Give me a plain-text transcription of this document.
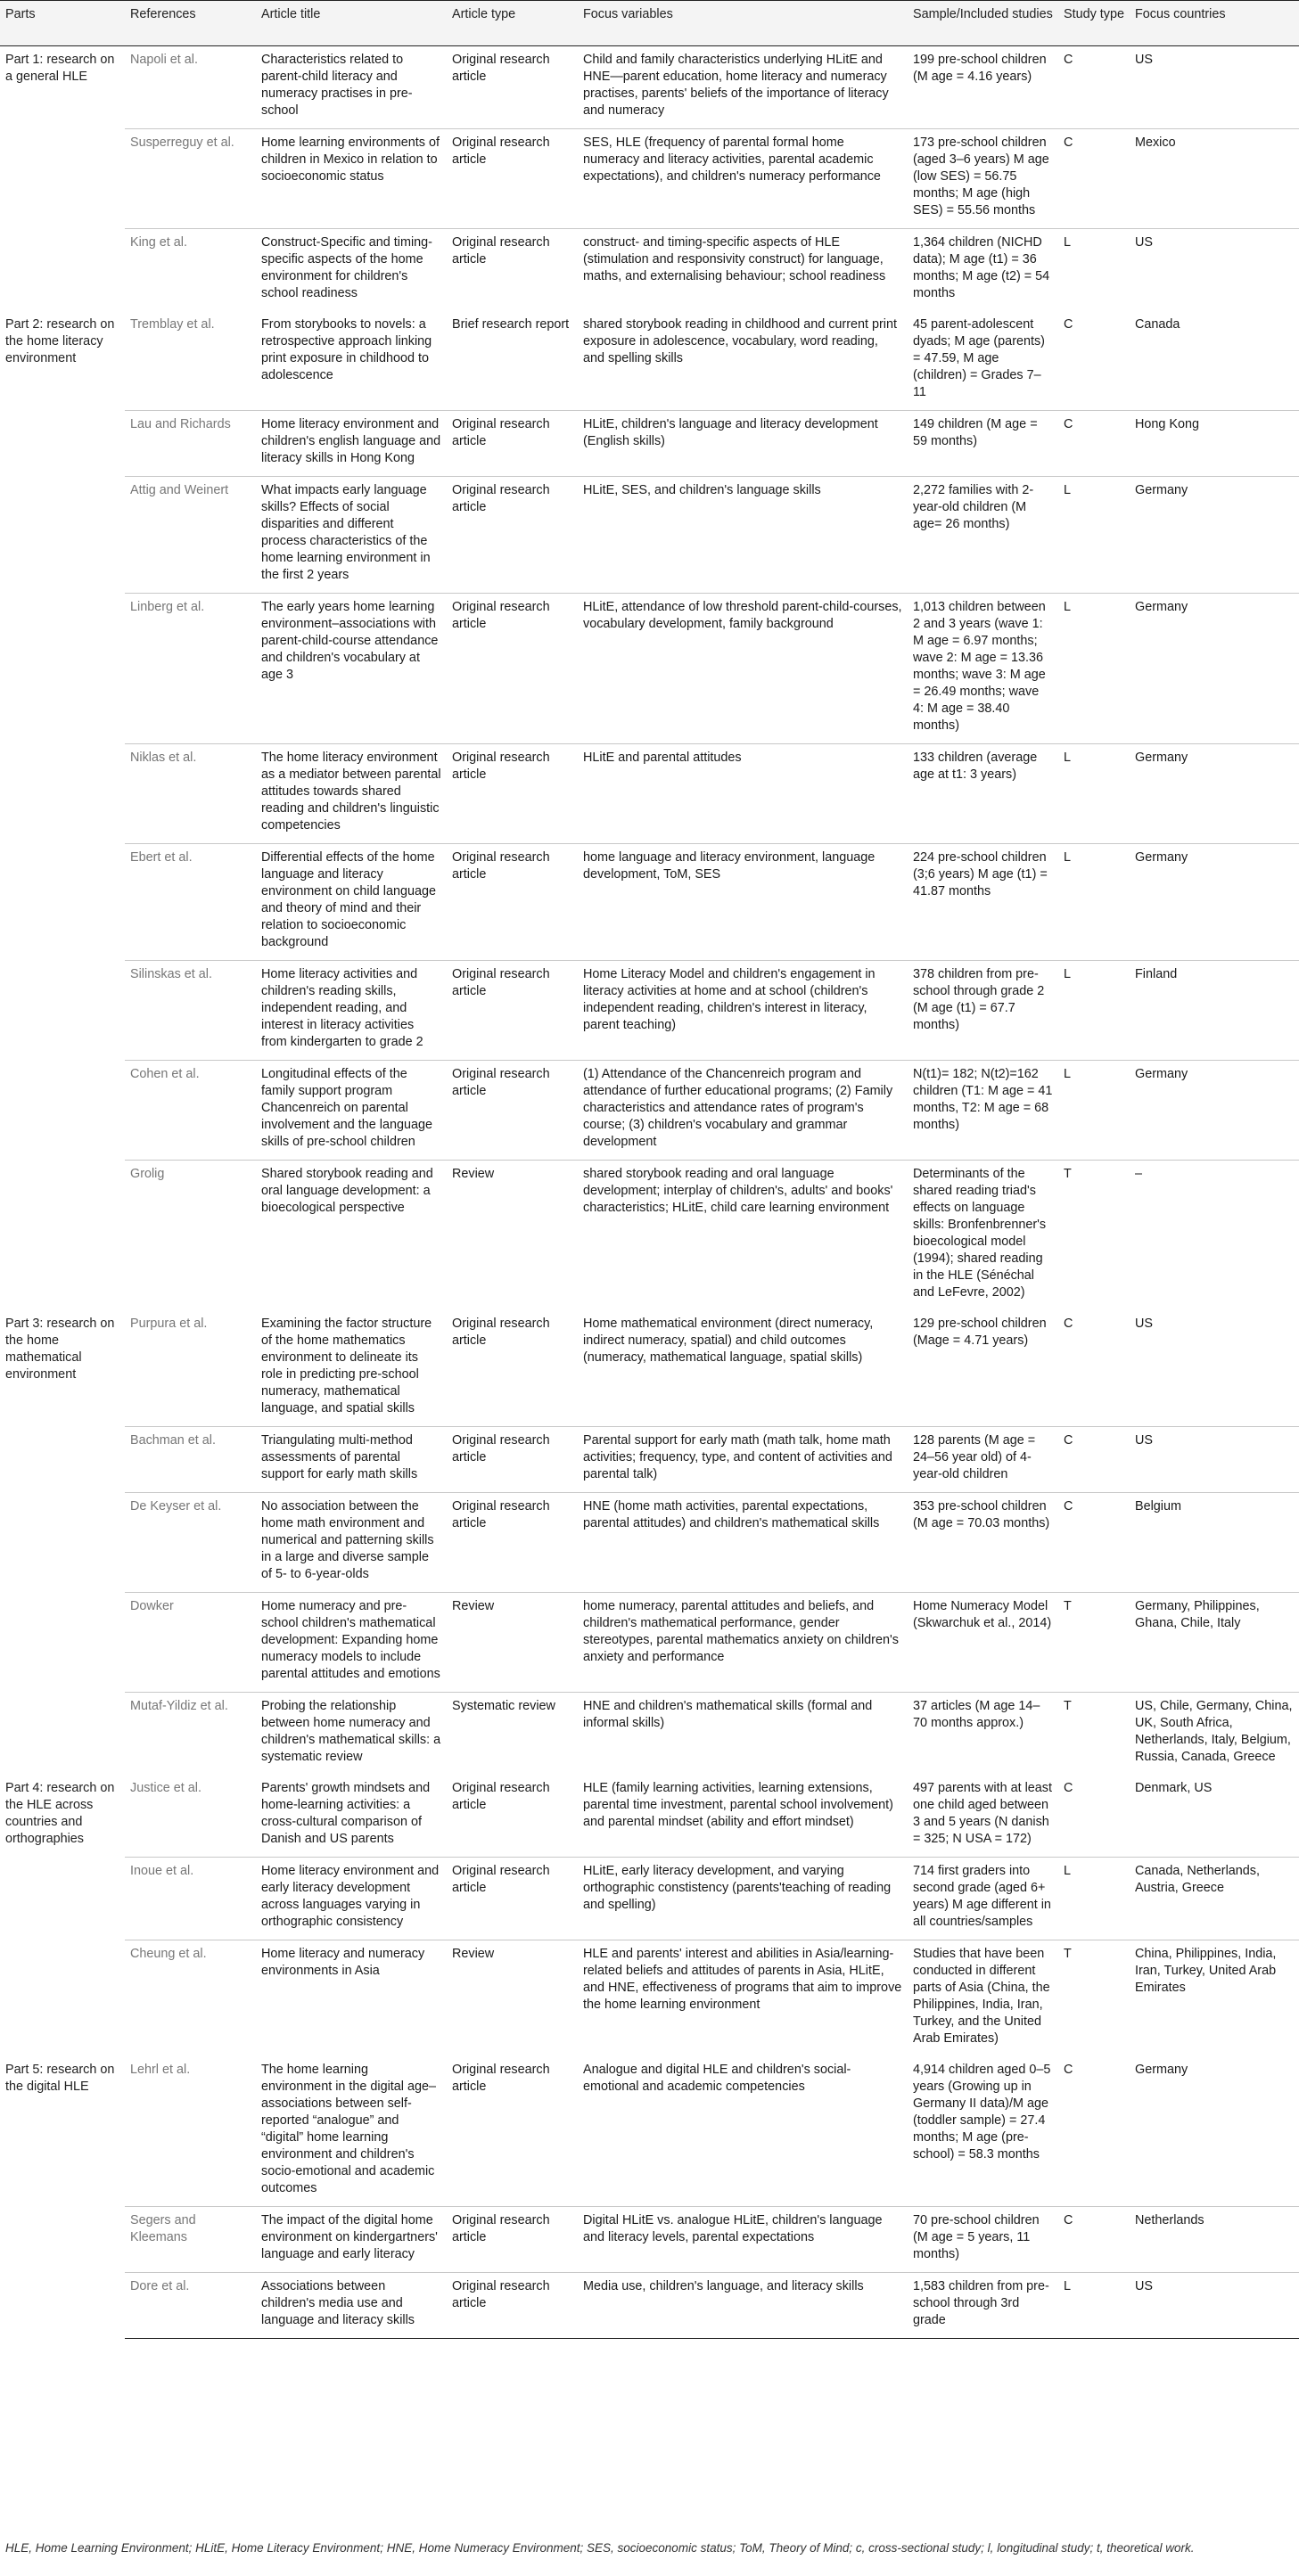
Parts	References	Article title	Article type	Focus variables	Sample/Included studies	Study type	Focus countries
Part 1: research on a general HLE	Napoli et al.	Characteristics related to parent-child literacy and numeracy practises in pre-school	Original research article	Child and family characteristics underlying HLitE and HNE—parent education, home literacy and numeracy practises, parents' beliefs of the importance of literacy and numeracy	199 pre-school children (M age = 4.16 years)	C	US
	Susperreguy et al.	Home learning environments of children in Mexico in relation to socioeconomic status	Original research article	SES, HLE (frequency of parental formal home numeracy and literacy activities, parental academic expectations), and children's numeracy performance	173 pre-school children (aged 3–6 years) M age (low SES) = 56.75 months; M age (high SES) = 55.56 months	C	Mexico
	King et al.	Construct-Specific and timing-specific aspects of the home environment for children's school readiness	Original research article	construct- and timing-specific aspects of HLE (stimulation and responsivity construct) for language, maths, and externalising behaviour; school readiness	1,364 children (NICHD data); M age (t1) = 36 months; M age (t2) = 54 months	L	US
Part 2: research on the home literacy environment	Tremblay et al.	From storybooks to novels: a retrospective approach linking print exposure in childhood to adolescence	Brief research report	shared storybook reading in childhood and current print exposure in adolescence, vocabulary, word reading, and spelling skills	45 parent-adolescent dyads; M age (parents) = 47.59, M age (children) = Grades 7–11	C	Canada
	Lau and Richards	Home literacy environment and children's english language and literacy skills in Hong Kong	Original research article	HLitE, children's language and literacy development (English skills)	149 children (M age = 59 months)	C	Hong Kong
	Attig and Weinert	What impacts early language skills? Effects of social disparities and different process characteristics of the home learning environment in the first 2 years	Original research article	HLitE, SES, and children's language skills	2,272 families with 2-year-old children (M age= 26 months)	L	Germany
	Linberg et al.	The early years home learning environment–associations with parent-child-course attendance and children's vocabulary at age 3	Original research article	HLitE, attendance of low threshold parent-child-courses, vocabulary development, family background	1,013 children between 2 and 3 years (wave 1: M age = 6.97 months; wave 2: M age = 13.36 months; wave 3: M age = 26.49 months; wave 4: M age = 38.40 months)	L	Germany
	Niklas et al.	The home literacy environment as a mediator between parental attitudes towards shared reading and children's linguistic competencies	Original research article	HLitE and parental attitudes	133 children (average age at t1: 3 years)	L	Germany
	Ebert et al.	Differential effects of the home language and literacy environment on child language and theory of mind and their relation to socioeconomic background	Original research article	home language and literacy environment, language development, ToM, SES	224 pre-school children (3;6 years) M age (t1) = 41.87 months	L	Germany
	Silinskas et al.	Home literacy activities and children's reading skills, independent reading, and interest in literacy activities from kindergarten to grade 2	Original research article	Home Literacy Model and children's engagement in literacy activities at home and at school (children's independent reading, children's interest in literacy, parent teaching)	378 children from pre-school through grade 2 (M age (t1) = 67.7 months)	L	Finland
	Cohen et al.	Longitudinal effects of the family support program Chancenreich on parental involvement and the language skills of pre-school children	Original research article	(1) Attendance of the Chancenreich program and attendance of further educational programs; (2) Family characteristics and attendance rates of program's course; (3) children's vocabulary and grammar development	N(t1)= 182; N(t2)=162 children (T1: M age = 41 months, T2: M age = 68 months)	L	Germany
	Grolig	Shared storybook reading and oral language development: a bioecological perspective	Review	shared storybook reading and oral language development; interplay of children's, adults' and books' characteristics; HLitE, child care learning environment	Determinants of the shared reading triad's effects on language skills: Bronfenbrenner's bioecological model (1994); shared reading in the HLE (Sénéchal and LeFevre, 2002)	T	–
Part 3: research on the home mathematical environment	Purpura et al.	Examining the factor structure of the home mathematics environment to delineate its role in predicting pre-school numeracy, mathematical language, and spatial skills	Original research article	Home mathematical environment (direct numeracy, indirect numeracy, spatial) and child outcomes (numeracy, mathematical language, spatial skills)	129 pre-school children (Mage = 4.71 years)	C	US
	Bachman et al.	Triangulating multi-method assessments of parental support for early math skills	Original research article	Parental support for early math (math talk, home math activities; frequency, type, and content of activities and parental talk)	128 parents (M age = 24–56 year old) of 4-year-old children	C	US
	De Keyser et al.	No association between the home math environment and numerical and patterning skills in a large and diverse sample of 5- to 6-year-olds	Original research article	HNE (home math activities, parental expectations, parental attitudes) and children's mathematical skills	353 pre-school children (M age = 70.03 months)	C	Belgium
	Dowker	Home numeracy and pre-school children's mathematical development: Expanding home numeracy models to include parental attitudes and emotions	Review	home numeracy, parental attitudes and beliefs, and children's mathematical performance, gender stereotypes, parental mathematics anxiety on children's anxiety and performance	Home Numeracy Model (Skwarchuk et al., 2014)	T	Germany, Philippines, Ghana, Chile, Italy
	Mutaf-Yildiz et al.	Probing the relationship between home numeracy and children's mathematical skills: a systematic review	Systematic review	HNE and children's mathematical skills (formal and informal skills)	37 articles (M age 14–70 months approx.)	T	US, Chile, Germany, China, UK, South Africa, Netherlands, Italy, Belgium, Russia, Canada, Greece
Part 4: research on the HLE across countries and orthographies	Justice et al.	Parents' growth mindsets and home-learning activities: a cross-cultural comparison of Danish and US parents	Original research article	HLE (family learning activities, learning extensions, parental time investment, parental school involvement) and parental mindset (ability and effort mindset)	497 parents with at least one child aged between 3 and 5 years (N danish = 325; N USA = 172)	C	Denmark, US
	Inoue et al.	Home literacy environment and early literacy development across languages varying in orthographic consistency	Original research article	HLitE, early literacy development, and varying orthographic constistency (parents'teaching of reading and spelling)	714 first graders into second grade (aged 6+ years) M age different in all countries/samples	L	Canada, Netherlands, Austria, Greece
	Cheung et al.	Home literacy and numeracy environments in Asia	Review	HLE and parents' interest and abilities in Asia/learning- related beliefs and attitudes of parents in Asia, HLitE, and HNE, effectiveness of programs that aim to improve the home learning environment	Studies that have been conducted in different parts of Asia (China, the Philippines, India, Iran, Turkey, and the United Arab Emirates)	T	China, Philippines, India, Iran, Turkey, United Arab Emirates
Part 5: research on the digital HLE	Lehrl et al.	The home learning environment in the digital age–associations between self-reported “analogue” and “digital” home learning environment and children's socio-emotional and academic outcomes	Original research article	Analogue and digital HLE and children's social-emotional and academic competencies	4,914 children aged 0–5 years (Growing up in Germany II data)/M age (toddler sample) = 27.4 months; M age (pre-school) = 58.3 months	C	Germany
	Segers and Kleemans	The impact of the digital home environment on kindergartners' language and early literacy	Original research article	Digital HLitE vs. analogue HLitE, children's language and literacy levels, parental expectations	70 pre-school children (M age = 5 years, 11 months)	C	Netherlands
	Dore et al.	Associations between children's media use and language and literacy skills	Original research article	Media use, children's language, and literacy skills	1,583 children from pre-school through 3rd grade	L	US
HLE, Home Learning Environment; HLitE, Home Literacy Environment; HNE, Home Numeracy Environment; SES, socioeconomic status; ToM, Theory of Mind; c, cross-sectional study; l, longitudinal study; t, theoretical work.
